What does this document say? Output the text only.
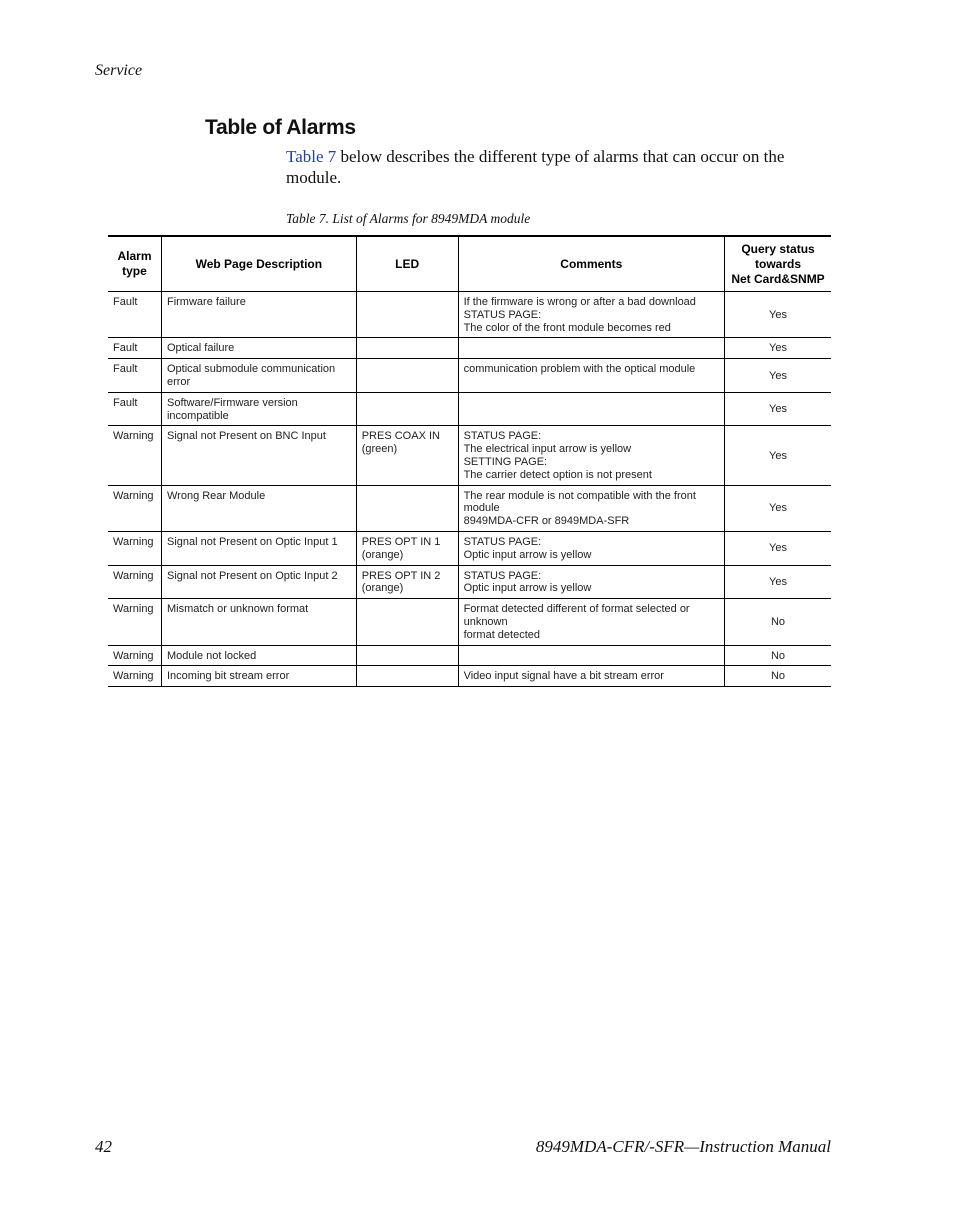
Service
Table of Alarms
Table 7 below describes the different type of alarms that can occur on the module.
Table 7. List of Alarms for 8949MDA module
Alarm
type	Web Page Description	LED	Comments	Query status
towards
Net Card&SNMP

Fault	Firmware failure		If the firmware is wrong or after a bad download
STATUS PAGE:
The color of the front module becomes red	Yes
Fault	Optical failure			Yes
Fault	Optical submodule communication error		communication problem with the optical module	Yes
Fault	Software/Firmware version incompatible			Yes
Warning	Signal not Present on BNC Input	PRES COAX IN
(green)	STATUS PAGE:
The electrical input arrow is yellow
SETTING PAGE:
The carrier detect option is not present	Yes
Warning	Wrong Rear Module		The rear module is not compatible with the front module
8949MDA-CFR or 8949MDA-SFR	Yes
Warning	Signal not Present on Optic Input 1	PRES OPT IN 1
(orange)	STATUS PAGE:
Optic input arrow is yellow	Yes
Warning	Signal not Present on Optic Input 2	PRES OPT IN 2
(orange)	STATUS PAGE:
Optic input arrow is yellow	Yes
Warning	Mismatch or unknown format		Format detected different of format selected or unknown
format detected	No
Warning	Module not locked			No
Warning	Incoming bit stream error		Video input signal have a bit stream error	No
42	8949MDA-CFR/-SFR—Instruction Manual
